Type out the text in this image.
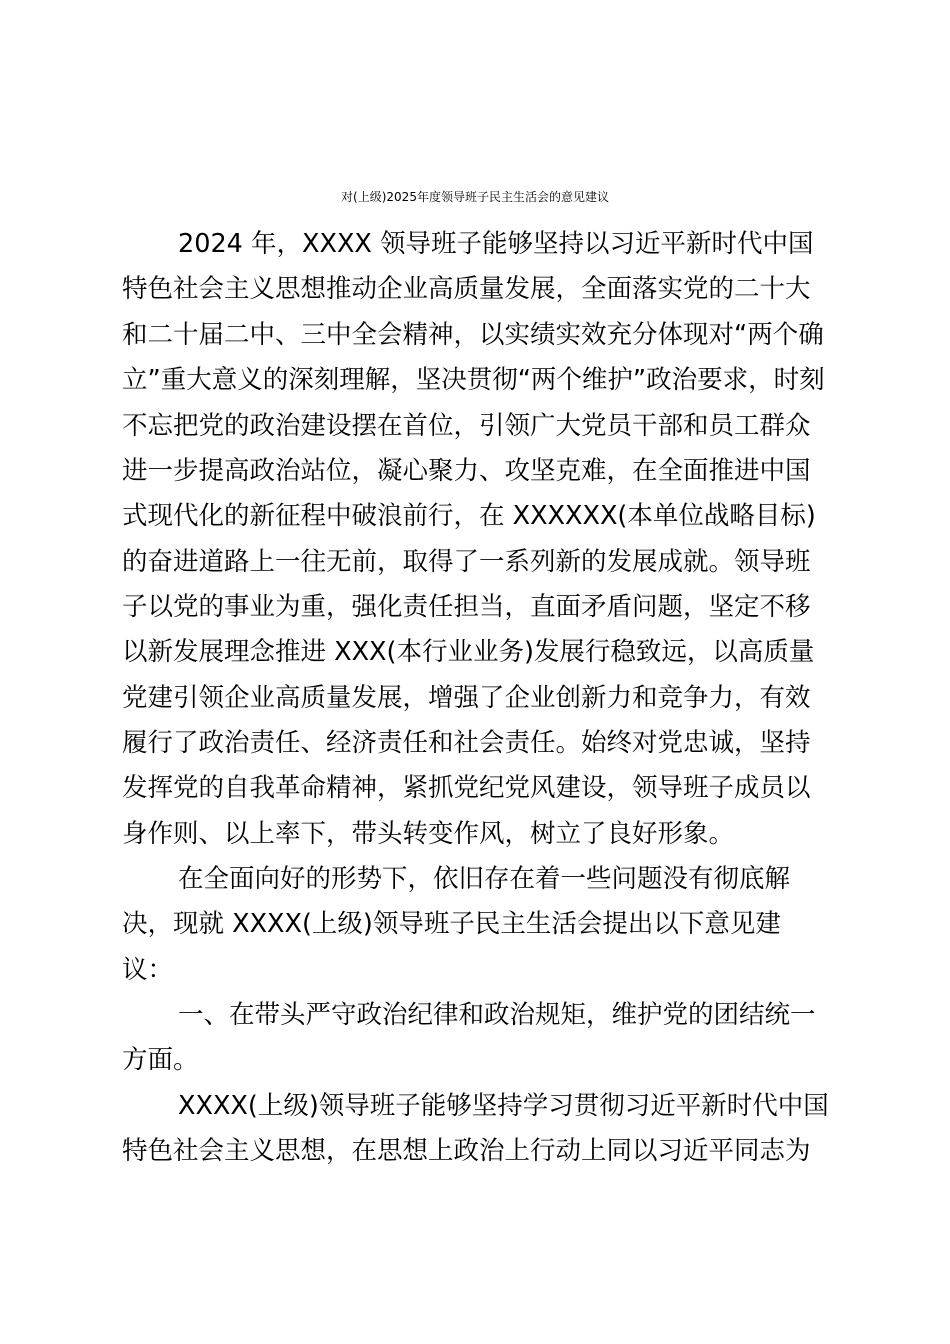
对(上级)2025年度领导班子民主生活会的意见建议
2024 年，XXXX 领导班子能够坚持以习近平新时代中国
特色社会主义思想推动企业高质量发展，全面落实党的二十大
和二十届二中、三中全会精神，以实绩实效充分体现对“两个确
立”重大意义的深刻理解，坚决贯彻“两个维护”政治要求，时刻
不忘把党的政治建设摆在首位，引领广大党员干部和员工群众
进一步提高政治站位，凝心聚力、攻坚克难，在全面推进中国
式现代化的新征程中破浪前行，在 XXXXXX(本单位战略目标)
的奋进道路上一往无前，取得了一系列新的发展成就。领导班
子以党的事业为重，强化责任担当，直面矛盾问题，坚定不移
以新发展理念推进 XXX(本行业业务)发展行稳致远，以高质量
党建引领企业高质量发展，增强了企业创新力和竞争力，有效
履行了政治责任、经济责任和社会责任。始终对党忠诚，坚持
发挥党的自我革命精神，紧抓党纪党风建设，领导班子成员以
身作则、以上率下，带头转变作风，树立了良好形象。
在全面向好的形势下，依旧存在着一些问题没有彻底解
决，现就 XXXX(上级)领导班子民主生活会提出以下意见建
议：
一、在带头严守政治纪律和政治规矩，维护党的团结统一
方面。
XXXX(上级)领导班子能够坚持学习贯彻习近平新时代中国
特色社会主义思想，在思想上政治上行动上同以习近平同志为
